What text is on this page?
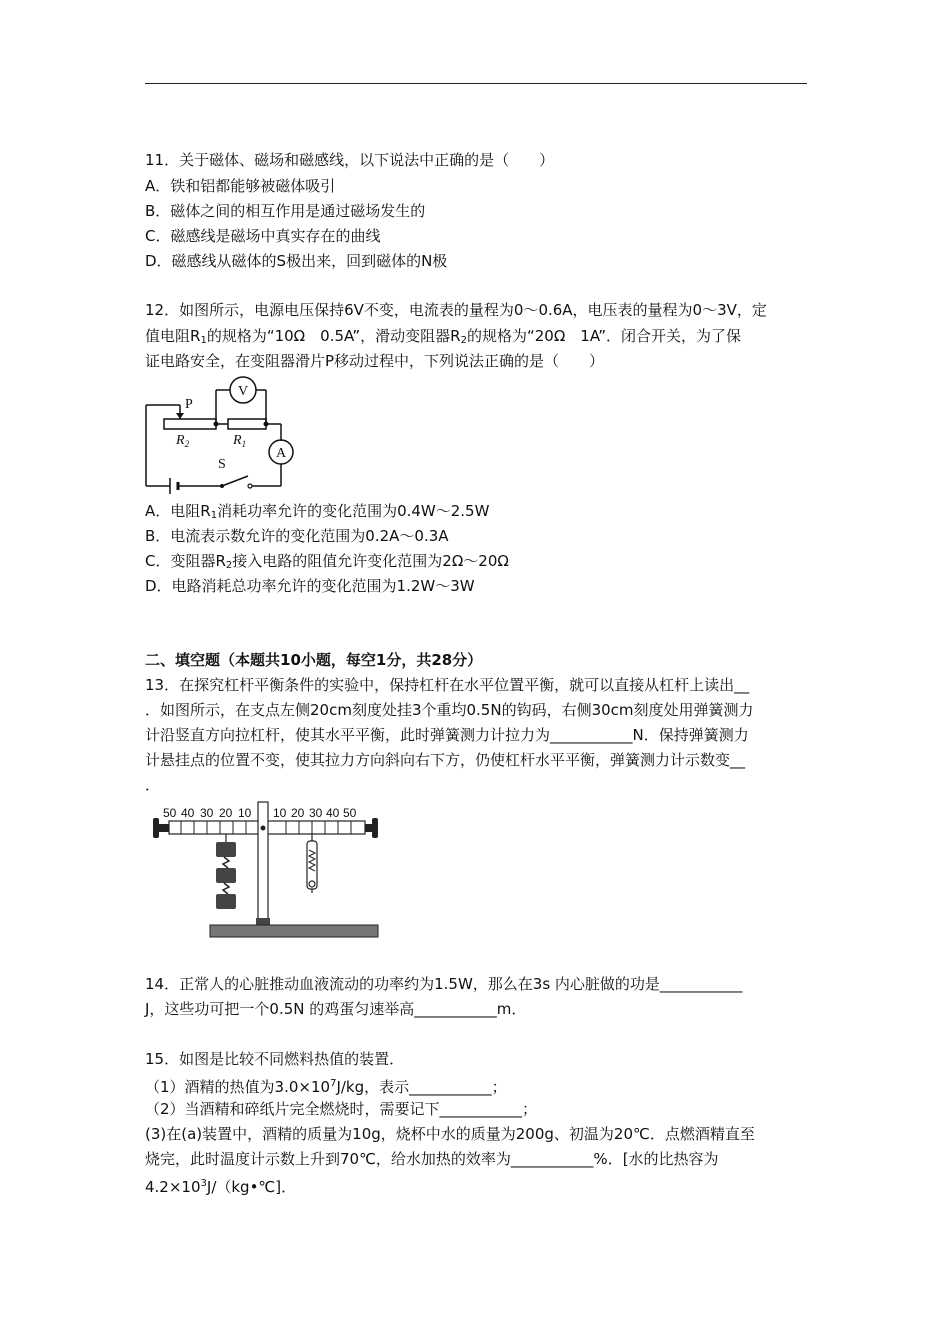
11．关于磁体、磁场和磁感线，以下说法中正确的是（　　）
A．铁和铝都能够被磁体吸引
B．磁体之间的相互作用是通过磁场发生的
C．磁感线是磁场中真实存在的曲线
D．磁感线从磁体的S极出来，回到磁体的N极
12．如图所示，电源电压保持6V不变，电流表的量程为0～0.6A，电压表的量程为0～3V，定
值电阻$R_1$的规格为“10Ω　0.5A”，滑动变阻器$R_2$的规格为“20Ω　1A”．闭合开关，为了保
证电路安全，在变阻器滑片P移动过程中，下列说法正确的是（　　）
P
$R_2$	$R_1$
V
A
S
A．电阻$R_1$消耗功率允许的变化范围为0.4W～2.5W
B．电流表示数允许的变化范围为0.2A～0.3A
C．变阻器$R_2$接入电路的阻值允许变化范围为2Ω～20Ω
D．电路消耗总功率允许的变化范围为1.2W～3W
二、填空题（本题共10小题，每空1分，共28分）
13．在探究杠杆平衡条件的实验中，保持杠杆在水平位置平衡，就可以直接从杠杆上读出__
．如图所示，在支点左侧20cm刻度处挂3个重均0.5N的钩码，右侧30cm刻度处用弹簧测力
计沿竖直方向拉杠杆，使其水平平衡，此时弹簧测力计拉力为___________N．保持弹簧测力
计悬挂点的位置不变，使其拉力方向斜向右下方，仍使杠杆水平平衡，弹簧测力计示数变__
．
50 40 30 20 10 10 20 30 40 50
14．正常人的心脏推动血液流动的功率约为1.5W，那么在3s 内心脏做的功是___________
J，这些功可把一个0.5N 的鸡蛋匀速举高___________m．
15．如图是比较不同燃料热值的装置．
（1）酒精的热值为$3.0\times 10^7J/kg$，表示___________；
（2）当酒精和碎纸片完全燃烧时，需要记下___________；
(3)在(a)装置中，酒精的质量为10g，烧杯中水的质量为200g、初温为20℃．点燃酒精直至
烧完，此时温度计示数上升到70℃，给水加热的效率为___________%．[水的比热容为
$4.2\times 10^3J/(kg•℃]$．
